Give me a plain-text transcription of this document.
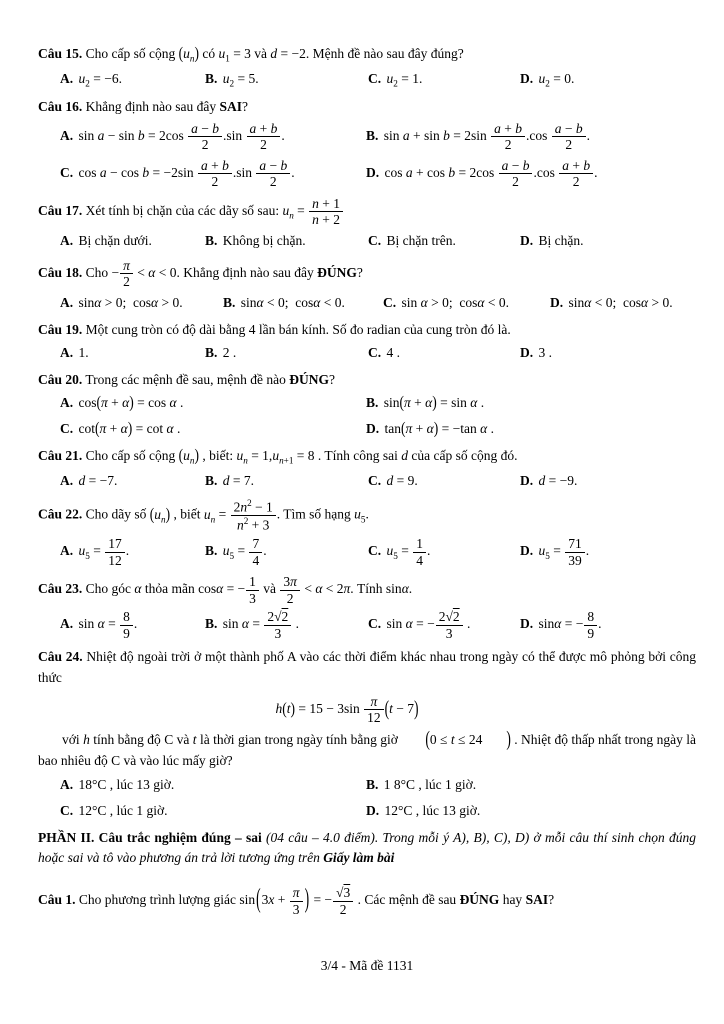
Câu 15. Cho cấp số cộng $(u_n)$ có $u_1 = 3$ và d = −2. Mệnh đề nào sau đây đúng?

A. $u_2 = -6$.	B. $u_2 = 5$.	C. $u_2 = 1$.	D. $u_2 = 0$.

Câu 16. Khẳng định nào sau đây SAI?

A. $\sin a - \sin b = 2\cos \frac{a - b}{2} .\sin \frac{a + b}{2}$ .	B. $\sin a + \sin b = 2\sin \frac{a + b}{2} .\cos \frac{a - b}{2}$ .
C. $\cos a - \cos b = -2\sin \frac{a + b}{2} .\sin \frac{a - b}{2}$ .	D. $\cos a + \cos b = 2\cos \frac{a - b}{2} .\cos \frac{a + b}{2}$ .

Câu 17. Xét tính bị chặn của các dãy số sau: $u_n = \frac{n + 1}{n + 2}$

A. Bị chặn dưới.	B. Không bị chặn.	C. Bị chặn trên.	D. Bị chặn.

Câu 18. Cho − $\frac{\pi}{2} < \alpha < 0$. Khẳng định nào sau đây ĐÚNG?

A. sinα > 0;  cosα > 0.	B. sinα < 0;  cosα < 0.	C. sin α > 0;  cosα < 0.	D. sinα < 0;  cosα > 0.

Câu 19. Một cung tròn có độ dài bằng 4 lần bán kính. Số đo radian của cung tròn đó là.

A. 1.	B. 2 .	C. 4 .	D. 3 .

Câu 20. Trong các mệnh đề sau, mệnh đề nào ĐÚNG?

A. cos(π + α) = cos α .	B. sin(π + α) = sin α .
C. cot(π + α) = cot α .	D. tan(π + α) = −tan α .

Câu 21. Cho cấp số cộng $(u_n)$ , biết: $u_n = 1,u_{n+1} = 8$ . Tính công sai d của cấp số cộng đó.

A. d = −7.	B. d = 7.	C. d = 9.	D. d = −9.

Câu 22. Cho dãy số $(u_n)$ , biết $u_n = \frac{2n^2 - 1}{n^2 + 3}$ . Tìm số hạng $u_5$.

A. $u_5 = \frac{17}{12}$ .	B. $u_5 = \frac{7}{4}$ .	C. $u_5 = \frac{1}{4}$ .	D. $u_5 = \frac{71}{39}$ .

Câu 23. Cho góc α thỏa mãn cosα = − $\frac{1}{3}$ và $\frac{3\pi}{2} < \alpha < 2\pi$. Tính sinα.

A. $\sin \alpha = \frac{8}{9}$ .	B. $\sin \alpha = \frac{2√2}{3}$ .	C. sin α = − $\frac{2√2}{3}$ .	D. sinα = − $\frac{8}{9}$ .

Câu 24. Nhiệt độ ngoài trời ở một thành phố A vào các thời điểm khác nhau trong ngày có thể được mô phỏng bởi công thức

$h(t) = 15 - 3\sin \frac{\pi}{12} (t - 7)$

với h tính bằng độ C và t là thời gian trong ngày tính bằng giờ (0 ≤ t ≤ 24 ) . Nhiệt độ thấp nhất trong ngày là bao nhiêu độ C và vào lúc mấy giờ?

A. 18°C , lúc 13 giờ.	B. 1 8°C , lúc 1 giờ.
C. 12°C , lúc 1 giờ.	D. 12°C , lúc 13 giờ.

PHẦN II. Câu trắc nghiệm đúng – sai (04 câu – 4.0 điểm). Trong mỗi ý A), B), C), D) ở mỗi câu thí sinh chọn đúng hoặc sai và tô vào phương án trả lời tương ứng trên Giấy làm bài

Câu 1. Cho phương trình lượng giác $\sin(3x + \frac{\pi}{3}$ ) = − $\frac{√3}{2}$ . Các mệnh đề sau ĐÚNG hay SAI?

3/4 - Mã đề 1131
